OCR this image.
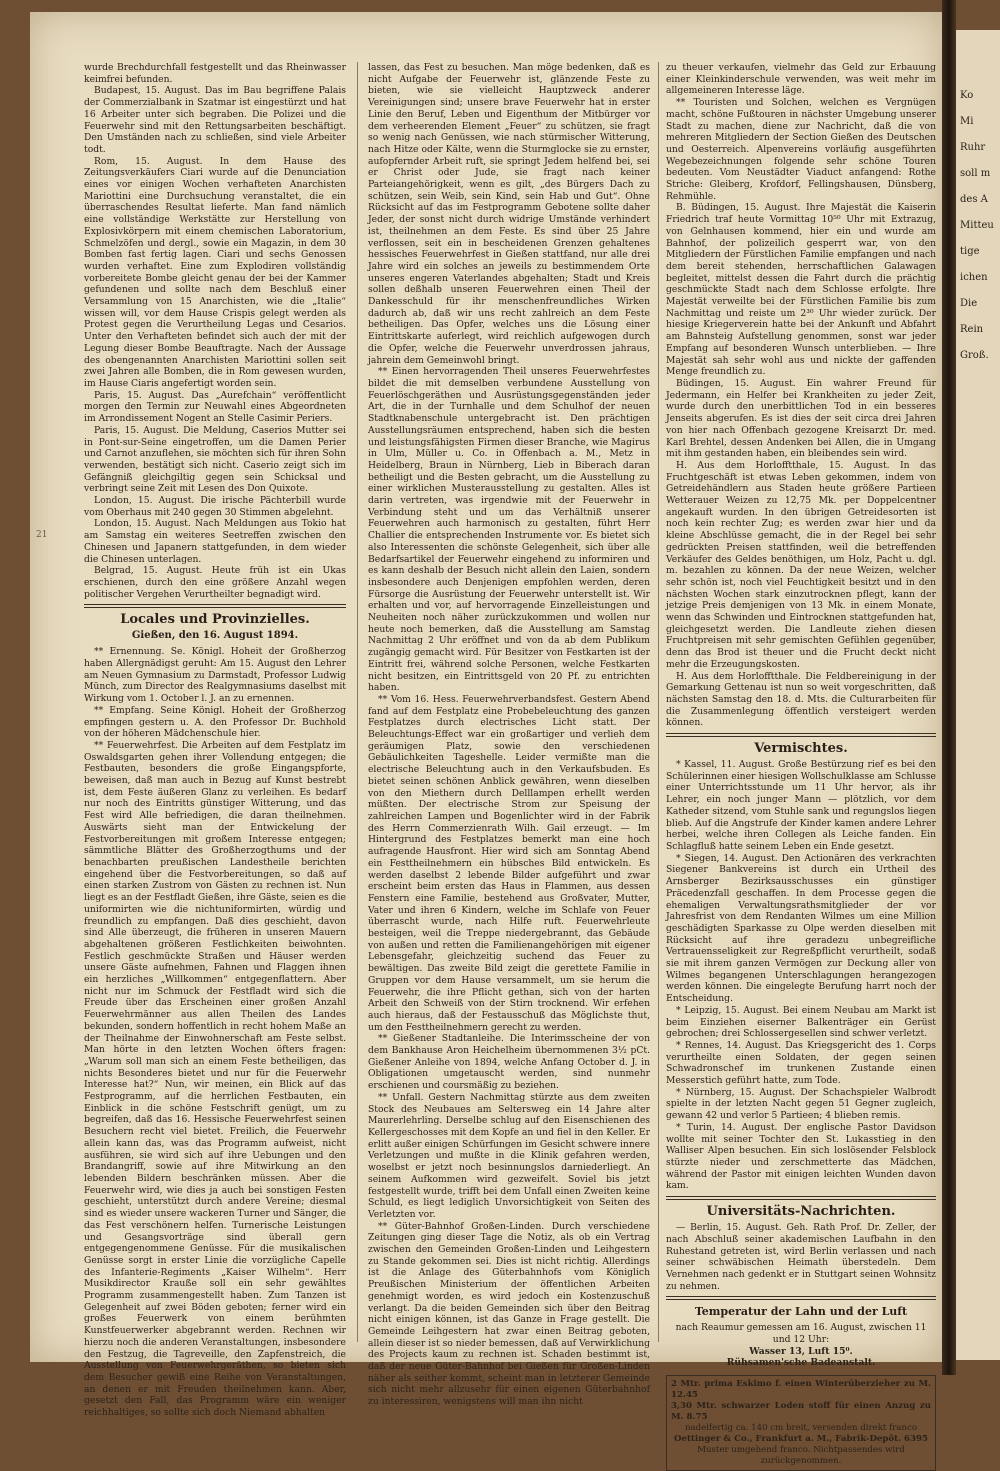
Ko
Mi
Ruhr
soll m
des A
Mitteu
tige
ichen
Die
Rein
Groß.
21

wurde Brechdurchfall festgestellt und das Rheinwasser keimfrei befunden.

Budapest, 15. August. Das im Bau begriffene Palais der Commerzialbank in Szatmar ist eingestürzt und hat 16 Arbeiter unter sich begraben. Die Polizei und die Feuerwehr sind mit den Rettungsarbeiten beschäftigt. Den Umständen nach zu schließen, sind viele Arbeiter todt.

Rom, 15. August. In dem Hause des Zeitungsverkäufers Ciari wurde auf die Denunciation eines vor einigen Wochen verhafteten Anarchisten Mariottini eine Durchsuchung veranstaltet, die ein überraschendes Resultat lieferte. Man fand nämlich eine vollständige Werkstätte zur Herstellung von Explosivkörpern mit einem chemischen Laboratorium, Schmelzöfen und dergl., sowie ein Magazin, in dem 30 Bomben fast fertig lagen. Ciari und sechs Genossen wurden verhaftet. Eine zum Explodiren vollständig vorbereitete Bombe gleicht genau der bei der Kammer gefundenen und sollte nach dem Beschluß einer Versammlung von 15 Anarchisten, wie die „Italie“ wissen will, vor dem Hause Crispis gelegt werden als Protest gegen die Verurtheilung Legas und Cesarios. Unter den Verhafteten befindet sich auch der mit der Legung dieser Bombe Beauftragte. Nach der Aussage des obengenannten Anarchisten Mariottini sollen seit zwei Jahren alle Bomben, die in Rom gewesen wurden, im Hause Ciaris angefertigt worden sein.

Paris, 15. August. Das „Aurefchain“ veröffentlicht morgen den Termin zur Neuwahl eines Abgeordneten im Arrondissement Nogent an Stelle Casimir Periers.

Paris, 15. August. Die Meldung, Caserios Mutter sei in Pont-sur-Seine eingetroffen, um die Damen Perier und Carnot anzuflehen, sie möchten sich für ihren Sohn verwenden, bestätigt sich nicht. Caserio zeigt sich im Gefängniß gleichgiltig gegen sein Schicksal und verbringt seine Zeit mit Lesen des Don Quixote.

London, 15. August. Die irische Pächterbill wurde vom Oberhaus mit 240 gegen 30 Stimmen abgelehnt.

London, 15. August. Nach Meldungen aus Tokio hat am Samstag ein weiteres Seetreffen zwischen den Chinesen und Japanern stattgefunden, in dem wieder die Chinesen unterlagen.

Belgrad, 15. August. Heute früh ist ein Ukas erschienen, durch den eine größere Anzahl wegen politischer Vergehen Verurtheilter begnadigt wird.

Locales und Provinzielles.
Gießen, den 16. August 1894.

** Ernennung. Se. Königl. Hoheit der Großherzog haben Allergnädigst geruht: Am 15. August den Lehrer am Neuen Gymnasium zu Darmstadt, Professor Ludwig Münch, zum Director des Realgymnasiums daselbst mit Wirkung vom 1. October l. J. an zu ernennen.

** Empfang. Seine Königl. Hoheit der Großherzog empfingen gestern u. A. den Professor Dr. Buchhold von der höheren Mädchenschule hier.

** Feuerwehrfest. Die Arbeiten auf dem Festplatz im Oswaldsgarten gehen ihrer Vollendung entgegen; die Festbauten, besonders die große Eingangspforte, beweisen, daß man auch in Bezug auf Kunst bestrebt ist, dem Feste äußeren Glanz zu verleihen. Es bedarf nur noch des Eintritts günstiger Witterung, und das Fest wird Alle befriedigen, die daran theilnehmen. Auswärts sieht man der Entwickelung der Festvorbereitungen mit großem Interesse entgegen; sämmtliche Blätter des Großherzogthums und der benachbarten preußischen Landestheile berichten eingehend über die Festvorbereitungen, so daß auf einen starken Zustrom von Gästen zu rechnen ist. Nun liegt es an der Festfladt Gießen, ihre Gäste, seien es die uniformirten wie die nichtuniformirten, würdig und freundlich zu empfangen. Daß dies geschieht, davon sind Alle überzeugt, die früheren in unseren Mauern abgehaltenen größeren Festlichkeiten beiwohnten. Festlich geschmückte Straßen und Häuser werden unsere Gäste aufnehmen, Fahnen und Flaggen ihnen ein herzliches „Willkommen“ entgegenflattern. Aber nicht nur im Schmuck der Festfladt wird sich die Freude über das Erscheinen einer großen Anzahl Feuerwehrmänner aus allen Theilen des Landes bekunden, sondern hoffentlich in recht hohem Maße an der Theilnahme der Einwohnerschaft am Feste selbst. Man hörte in den letzten Wochen öfters fragen: „Warum soll man sich an einem Feste betheiligen, das nichts Besonderes bietet und nur für die Feuerwehr Interesse hat?“ Nun, wir meinen, ein Blick auf das Festprogramm, auf die herrlichen Festbauten, ein Einblick in die schöne Festschrift genügt, um zu begreifen, daß das 16. Hessische Feuerwehrfest seinen Besuchern recht viel bietet. Freilich, die Feuerwehr allein kann das, was das Programm aufweist, nicht ausführen, sie wird sich auf ihre Uebungen und den Brandangriff, sowie auf ihre Mitwirkung an den lebenden Bildern beschränken müssen. Aber die Feuerwehr wird, wie dies ja auch bei sonstigen Festen geschieht, unterstützt durch andere Vereine; diesmal sind es wieder unsere wackeren Turner und Sänger, die das Fest verschönern helfen. Turnerische Leistungen und Gesangsvorträge sind überall gern entgegengenommene Genüsse. Für die musikalischen Genüsse sorgt in erster Linie die vorzügliche Capelle des Infanterie-Regiments „Kaiser Wilhelm“. Herr Musikdirector Krauße soll ein sehr gewähltes Programm zusammengestellt haben. Zum Tanzen ist Gelegenheit auf zwei Böden geboten; ferner wird ein großes Feuerwerk von einem berühmten Kunstfeuerwerker abgebrannt werden. Rechnen wir hierzu noch die anderen Veranstaltungen, insbesondere den Festzug, die Tagreveille, den Zapfenstreich, die Ausstellung von Feuerwehrgeräthen, so bieten sich dem Besucher gewiß eine Reihe von Veranstaltungen, an denen er mit Freuden theilnehmen kann. Aber, gesetzt den Fall, das Programm wäre ein weniger reichhaltiges, so sollte sich doch Niemand abhalten

lassen, das Fest zu besuchen. Man möge bedenken, daß es nicht Aufgabe der Feuerwehr ist, glänzende Feste zu bieten, wie sie vielleicht Hauptzweck anderer Vereinigungen sind; unsere brave Feuerwehr hat in erster Linie den Beruf, Leben und Eigenthum der Mitbürger vor dem verheerenden Element „Feuer“ zu schützen, sie fragt so wenig nach Genüssen, wie nach stürmischer Witterung, nach Hitze oder Kälte, wenn die Sturmglocke sie zu ernster, aufopfernder Arbeit ruft, sie springt Jedem helfend bei, sei er Christ oder Jude, sie fragt nach keiner Parteiangehörigkeit, wenn es gilt, „des Bürgers Dach zu schützen, sein Weib, sein Kind, sein Hab und Gut“. Ohne Rücksicht auf das im Festprogramm Gebotene sollte daher Jeder, der sonst nicht durch widrige Umstände verhindert ist, theilnehmen an dem Feste. Es sind über 25 Jahre verflossen, seit ein in bescheidenen Grenzen gehaltenes hessisches Feuerwehrfest in Gießen stattfand, nur alle drei Jahre wird ein solches an jeweils zu bestimmendem Orte unseres engeren Vaterlandes abgehalten; Stadt und Kreis sollen deßhalb unseren Feuerwehren einen Theil der Dankesschuld für ihr menschenfreundliches Wirken dadurch ab, daß wir uns recht zahlreich an dem Feste betheiligen. Das Opfer, welches uns die Lösung einer Eintrittskarte auferlegt, wird reichlich aufgewogen durch die Opfer, welche die Feuerwehr unverdrossen jahraus, jahrein dem Gemeinwohl bringt.

** Einen hervorragenden Theil unseres Feuerwehrfestes bildet die mit demselben verbundene Ausstellung von Feuerlöschgeräthen und Ausrüstungsgegenständen jeder Art, die in der Turnhalle und dem Schulhof der neuen Stadtknabenschule untergebracht ist. Den prächtigen Ausstellungsräumen entsprechend, haben sich die besten und leistungsfähigsten Firmen dieser Branche, wie Magirus in Ulm, Müller u. Co. in Offenbach a. M., Metz in Heidelberg, Braun in Nürnberg, Lieb in Biberach daran betheiligt und die Besten gebracht, um die Ausstellung zu einer wirklichen Musterausstellung zu gestalten. Alles ist darin vertreten, was irgendwie mit der Feuerwehr in Verbindung steht und um das Verhältniß unserer Feuerwehren auch harmonisch zu gestalten, führt Herr Challier die entsprechenden Instrumente vor. Es bietet sich also Interessenten die schönste Gelegenheit, sich über alle Bedarfsartikel der Feuerwehr eingehend zu informiren und es kann deshalb der Besuch nicht allein den Laien, sondern insbesondere auch Denjenigen empfohlen werden, deren Fürsorge die Ausrüstung der Feuerwehr unterstellt ist. Wir erhalten und vor, auf hervorragende Einzelleistungen und Neuheiten noch näher zurückzukommen und wollen nur heute noch bemerken, daß die Ausstellung am Samstag Nachmittag 2 Uhr eröffnet und von da ab dem Publikum zugängig gemacht wird. Für Besitzer von Festkarten ist der Eintritt frei, während solche Personen, welche Festkarten nicht besitzen, ein Eintrittsgeld von 20 Pf. zu entrichten haben.

** Vom 16. Hess. Feuerwehrverbandsfest. Gestern Abend fand auf dem Festplatz eine Probebeleuchtung des ganzen Festplatzes durch electrisches Licht statt. Der Beleuchtungs-Effect war ein großartiger und verlieh dem geräumigen Platz, sowie den verschiedenen Gebäulichkeiten Tageshelle. Leider vermißte man die electrische Beleuchtung auch in den Verkaufsbuden. Es bietet seinen schönen Anblick gewähren, wenn dieselben von den Miethern durch Delllampen erhellt werden müßten. Der electrische Strom zur Speisung der zahlreichen Lampen und Bogenlichter wird in der Fabrik des Herrn Commerzienrath Wilh. Gail erzeugt. — Im Hintergrund des Festplatzes bemerkt man eine hoch aufragende Hausfront. Hier wird sich am Sonntag Abend ein Festtheilnehmern ein hübsches Bild entwickeln. Es werden daselbst 2 lebende Bilder aufgeführt und zwar erscheint beim ersten das Haus in Flammen, aus dessen Fenstern eine Familie, bestehend aus Großvater, Mutter, Vater und ihren 6 Kindern, welche im Schlafe von Feuer überrascht wurde, nach Hilfe ruft. Feuerwehrleute besteigen, weil die Treppe niedergebrannt, das Gebäude von außen und retten die Familienangehörigen mit eigener Lebensgefahr, gleichzeitig suchend das Feuer zu bewältigen. Das zweite Bild zeigt die gerettete Familie in Gruppen vor dem Hause versammelt, um sie herum die Feuerwehr, die ihre Pflicht gethan, sich von der harten Arbeit den Schweiß von der Stirn trocknend. Wir erfehen auch hieraus, daß der Festausschuß das Möglichste thut, um den Festtheilnehmern gerecht zu werden.

** Gießener Stadtanleihe. Die Interimsscheine der von dem Bankhause Aron Heichelheim übernommenen 3½ pCt. Gießener Anleihe von 1894, welche Anfang October d. J. in Obligationen umgetauscht werden, sind nunmehr erschienen und coursmäßig zu beziehen.

** Unfall. Gestern Nachmittag stürzte aus dem zweiten Stock des Neubaues am Seltersweg ein 14 Jahre alter Maurerlehrling. Derselbe schlug auf den Eisenschienen des Kellergeschosses mit dem Kopfe an und fiel in den Keller. Er erlitt außer einigen Schürfungen im Gesicht schwere innere Verletzungen und mußte in die Klinik gefahren werden, woselbst er jetzt noch besinnungslos darniederliegt. An seinem Aufkommen wird gezweifelt. Soviel bis jetzt festgestellt wurde, trifft bei dem Unfall einen Zweiten keine Schuld, es liegt lediglich Unvorsichtigkeit von Seiten des Verletzten vor.

** Güter-Bahnhof Großen-Linden. Durch verschiedene Zeitungen ging dieser Tage die Notiz, als ob ein Vertrag zwischen den Gemeinden Großen-Linden und Leihgestern zu Stande gekommen sei. Dies ist nicht richtig. Allerdings ist die Anlage des Güterbahnhofs vom Königlich Preußischen Ministerium der öffentlichen Arbeiten genehmigt worden, es wird jedoch ein Kostenzuschuß verlangt. Da die beiden Gemeinden sich über den Beitrag nicht einigen können, ist das Ganze in Frage gestellt. Die Gemeinde Leihgestern hat zwar einen Beitrag geboten, allein dieser ist so nieder bemessen, daß auf Verwirklichung des Projects kaum zu rechnen ist. Schaden bestimmt ist, daß der neue Güter-Bahnhof bei Gießen für Großen-Linden näher als seither kommt, scheint man in letzterer Gemeinde sich nicht mehr allzusehr für einen eigenen Güterbahnhof zu interessiren, wenigstens will man ihn nicht

zu theuer verkaufen, vielmehr das Geld zur Erbauung einer Kleinkinderschule verwenden, was weit mehr im allgemeineren Interesse läge.

** Touristen und Solchen, welchen es Vergnügen macht, schöne Fußtouren in nächster Umgebung unserer Stadt zu machen, diene zur Nachricht, daß die von mehreren Mitgliedern der Section Gießen des Deutschen und Oesterreich. Alpenvereins vorläufig ausgeführten Wegebezeichnungen folgende sehr schöne Touren bedeuten. Vom Neustädter Viaduct anfangend: Rothe Striche: Gleiberg, Krofdorf, Fellingshausen, Dünsberg, Rehmühle.

B. Büdingen, 15. August. Ihre Majestät die Kaiserin Friedrich traf heute Vormittag 10⁵⁰ Uhr mit Extrazug, von Gelnhausen kommend, hier ein und wurde am Bahnhof, der polizeilich gesperrt war, von den Mitgliedern der Fürstlichen Familie empfangen und nach dem bereit stehenden, herrschaftlichen Galawagen begleitet, mittelst dessen die Fahrt durch die prächtig geschmückte Stadt nach dem Schlosse erfolgte. Ihre Majestät verweilte bei der Fürstlichen Familie bis zum Nachmittag und reiste um 2³⁰ Uhr wieder zurück. Der hiesige Kriegerverein hatte bei der Ankunft und Abfahrt am Bahnsteig Aufstellung genommen, sonst war jeder Empfang auf besonderen Wunsch unterblieben. — Ihre Majestät sah sehr wohl aus und nickte der gaffenden Menge freundlich zu.

Büdingen, 15. August. Ein wahrer Freund für Jedermann, ein Helfer bei Krankheiten zu jeder Zeit, wurde durch den unerbittlichen Tod in ein besseres Jenseits abgerufen. Es ist dies der seit circa drei Jahren von hier nach Offenbach gezogene Kreisarzt Dr. med. Karl Brehtel, dessen Andenken bei Allen, die in Umgang mit ihm gestanden haben, ein bleibendes sein wird.

H. Aus dem Horlofftthale, 15. August. In das Fruchtgeschäft ist etwas Leben gekommen, indem von Getreidehändlern aus Staden heute größere Partieen Wetterauer Weizen zu 12,75 Mk. per Doppelcentner angekauft wurden. In den übrigen Getreidesorten ist noch kein rechter Zug; es werden zwar hier und da kleine Abschlüsse gemacht, die in der Regel bei sehr gedrückten Preisen stattfinden, weil die betreffenden Verkäufer des Geldes benöthigen, um Holz, Pacht u. dgl. m. bezahlen zu können. Da der neue Weizen, welcher sehr schön ist, noch viel Feuchtigkeit besitzt und in den nächsten Wochen stark einzutrocknen pflegt, kann der jetzige Preis demjenigen von 13 Mk. in einem Monate, wenn das Schwinden und Eintrocknen stattgefunden hat, gleichgesetzt werden. Die Landleute ziehen diesen Fruchtpreisen mit sehr gemischten Gefühlen gegenüber, denn das Brod ist theuer und die Frucht deckt nicht mehr die Erzeugungskosten.

H. Aus dem Horlofftthale. Die Feldbereinigung in der Gemarkung Gettenau ist nun so weit vorgeschritten, daß nächsten Samstag den 18. d. Mts. die Culturarbeiten für die Zusammenlegung öffentlich versteigert werden können.

Vermischtes.

* Kassel, 11. August. Große Bestürzung rief es bei den Schülerinnen einer hiesigen Wollschulklasse am Schlusse einer Unterrichtsstunde um 11 Uhr hervor, als ihr Lehrer, ein noch junger Mann — plötzlich, vor dem Katheder sitzend, vom Stuhle sank und regungslos liegen blieb. Auf die Angstrufe der Kinder kamen andere Lehrer herbei, welche ihren Collegen als Leiche fanden. Ein Schlagfluß hatte seinem Leben ein Ende gesetzt.

* Siegen, 14. August. Den Actionären des verkrachten Siegener Bankvereins ist durch ein Urtheil des Arnsberger Bezirksausschusses ein günstiger Präcedenzfall geschaffen. In dem Processe gegen die ehemaligen Verwaltungsrathsmitglieder der vor Jahresfrist von dem Rendanten Wilmes um eine Million geschädigten Sparkasse zu Olpe werden dieselben mit Rücksicht auf ihre geradezu unbegreifliche Vertrauensseligkeit zur Regreßpflicht verurtheilt, sodaß sie mit ihrem ganzen Vermögen zur Deckung aller von Wilmes begangenen Unterschlagungen herangezogen werden können. Die eingelegte Berufung harrt noch der Entscheidung.

* Leipzig, 15. August. Bei einem Neubau am Markt ist beim Einziehen eiserner Balkenträger ein Gerüst gebrochen; drei Schlossergesellen sind schwer verletzt.

* Rennes, 14. August. Das Kriegsgericht des 1. Corps verurtheilte einen Soldaten, der gegen seinen Schwadronschef im trunkenen Zustande einen Messerstich geführt hatte, zum Tode.

* Nürnberg, 15. August. Der Schachspieler Walbrodt spielte in der letzten Nacht gegen 51 Gegner zugleich, gewann 42 und verlor 5 Partieen; 4 blieben remis.

* Turin, 14. August. Der englische Pastor Davidson wollte mit seiner Tochter den St. Lukasstieg in den Walliser Alpen besuchen. Ein sich loslösender Felsblock stürzte nieder und zerschmetterte das Mädchen, während der Pastor mit einigen leichten Wunden davon kam.

Universitäts-Nachrichten.

— Berlin, 15. August. Geh. Rath Prof. Dr. Zeller, der nach Abschluß seiner akademischen Laufbahn in den Ruhestand getreten ist, wird Berlin verlassen und nach seiner schwäbischen Heimath überstedeln. Dem Vernehmen nach gedenkt er in Stuttgart seinen Wohnsitz zu nehmen.

Temperatur der Lahn und der Luft
nach Reaumur gemessen am 16. August, zwischen 11 und 12 Uhr:
Wasser 13, Luft 15⁰.
Rühsamen'sche Badeanstalt.
2 Mtr. prima Eskimo f. einen Winterüberzieher zu M. 12.45
3,30 Mtr. schwarzer Loden stoff für einen Anzug zu M. 8.75
nadelfertig ca. 140 cm breit, versenden direkt franco
Oettinger & Co., Frankfurt a. M., Fabrik-Depôt. 6395
Muster umgehend franco. Nichtpassendes wird zurückgenommen.
